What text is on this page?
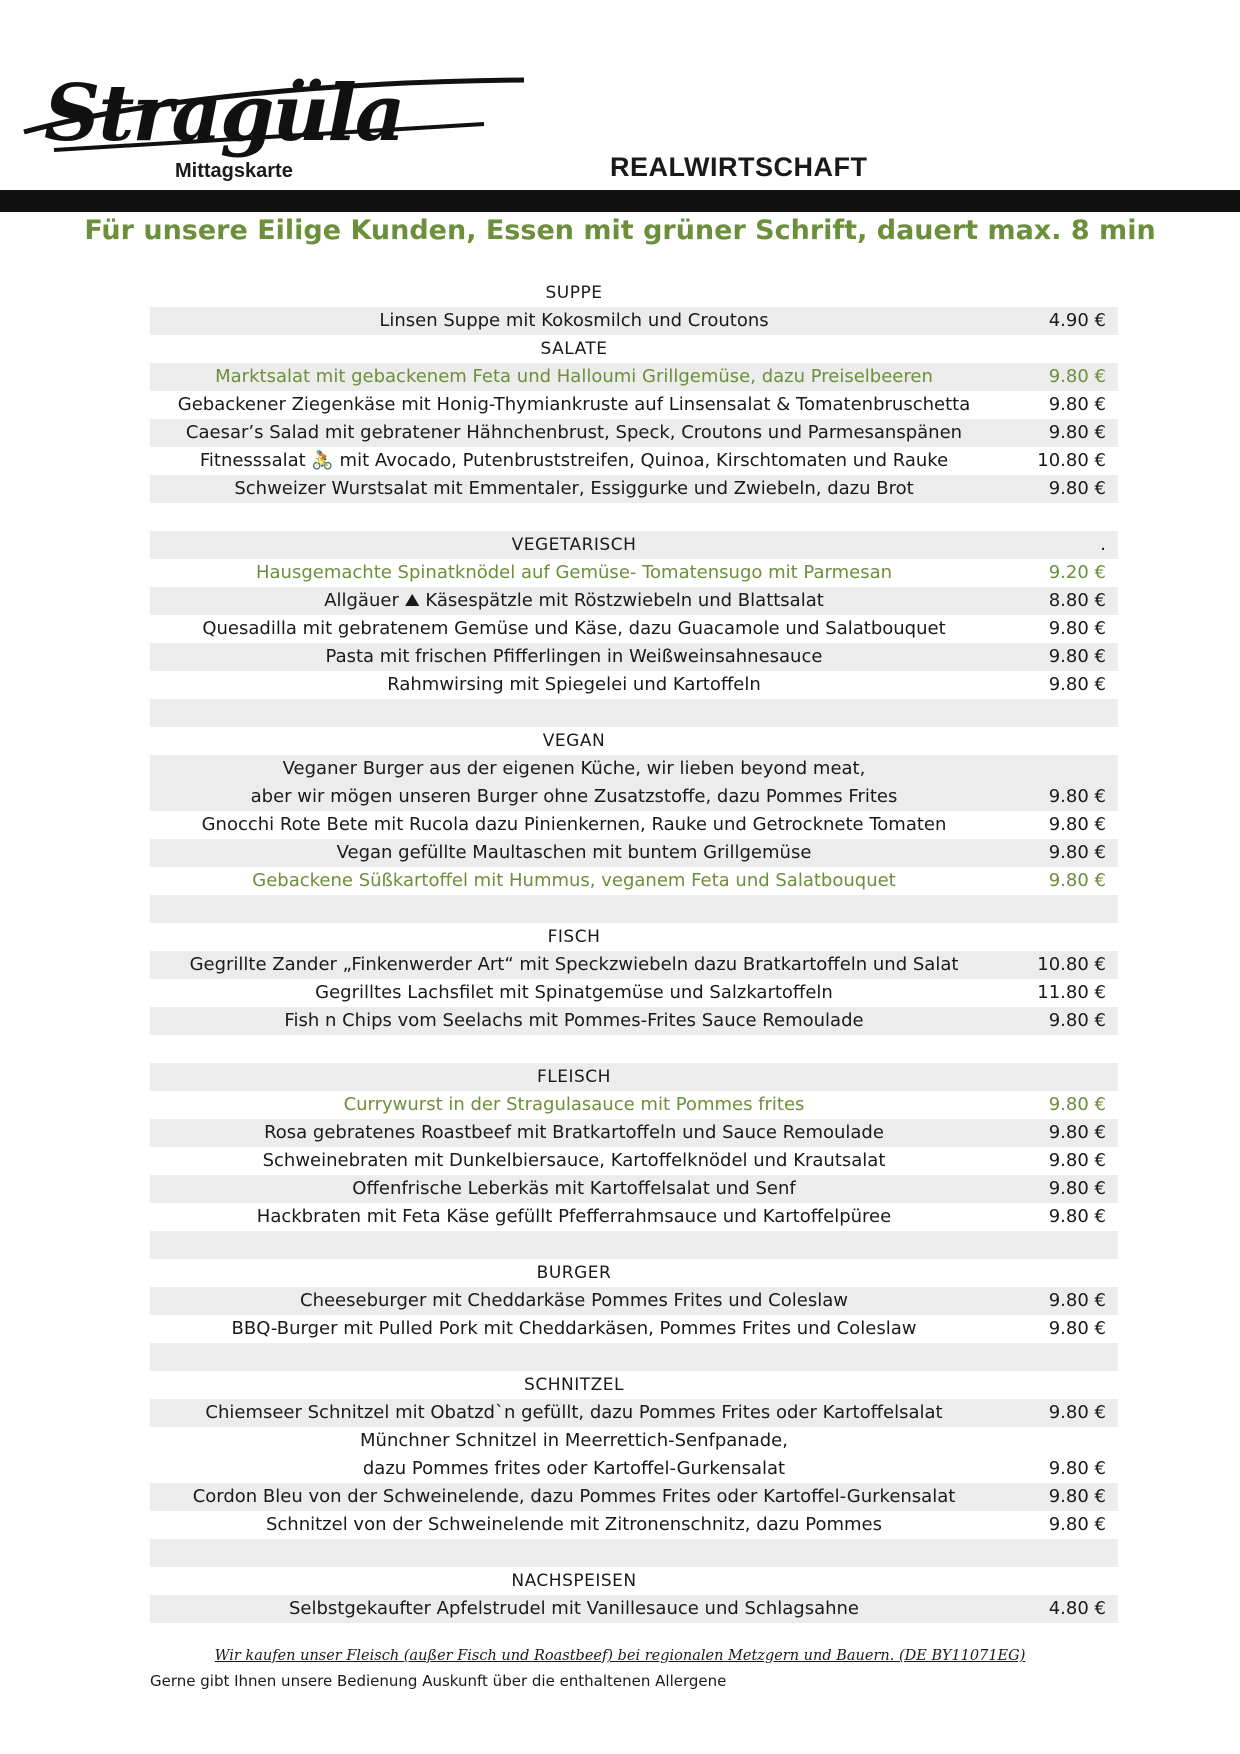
Stragüla
Mittagskarte	REALWIRTSCHAFT
Für unsere Eilige Kunden, Essen mit grüner Schrift, dauert max. 8 min
SUPPE
Linsen Suppe mit Kokosmilch und Croutons	4.90 €
SALATE
Marktsalat mit gebackenem Feta und Halloumi Grillgemüse, dazu Preiselbeeren	9.80 €
Gebackener Ziegenkäse mit Honig-Thymiankruste auf Linsensalat & Tomatenbruschetta	9.80 €
Caesar’s Salad mit gebratener Hähnchenbrust, Speck, Croutons und Parmesanspänen	9.80 €
Fitnesssalat 🚴 mit Avocado, Putenbruststreifen, Quinoa, Kirschtomaten und Rauke	10.80 €
Schweizer Wurstsalat mit Emmentaler, Essiggurke und Zwiebeln, dazu Brot	9.80 €
VEGETARISCH	.
Hausgemachte Spinatknödel auf Gemüse- Tomatensugo mit Parmesan	9.20 €
Allgäuer ⛰ Käsespätzle mit Röstzwiebeln und Blattsalat	8.80 €
Quesadilla mit gebratenem Gemüse und Käse, dazu Guacamole und Salatbouquet	9.80 €
Pasta mit frischen Pfifferlingen in Weißweinsahnesauce	9.80 €
Rahmwirsing mit Spiegelei und Kartoffeln	9.80 €
VEGAN
Veganer Burger aus der eigenen Küche, wir lieben beyond meat,
aber wir mögen unseren Burger ohne Zusatzstoffe, dazu Pommes Frites	9.80 €
Gnocchi Rote Bete mit Rucola dazu Pinienkernen, Rauke und Getrocknete Tomaten	9.80 €
Vegan gefüllte Maultaschen mit buntem Grillgemüse	9.80 €
Gebackene Süßkartoffel mit Hummus, veganem Feta und Salatbouquet	9.80 €
FISCH
Gegrillte Zander „Finkenwerder Art“ mit Speckzwiebeln dazu Bratkartoffeln und Salat	10.80 €
Gegrilltes Lachsfilet mit Spinatgemüse und Salzkartoffeln	11.80 €
Fish n Chips vom Seelachs mit Pommes-Frites Sauce Remoulade	9.80 €
FLEISCH
Currywurst in der Stragulasauce mit Pommes frites	9.80 €
Rosa gebratenes Roastbeef mit Bratkartoffeln und Sauce Remoulade	9.80 €
Schweinebraten mit Dunkelbiersauce, Kartoffelknödel und Krautsalat	9.80 €
Offenfrische Leberkäs mit Kartoffelsalat und Senf	9.80 €
Hackbraten mit Feta Käse gefüllt Pfefferrahmsauce und Kartoffelpüree	9.80 €
BURGER
Cheeseburger mit Cheddarkäse Pommes Frites und Coleslaw	9.80 €
BBQ-Burger mit Pulled Pork mit Cheddarkäsen, Pommes Frites und Coleslaw	9.80 €
SCHNITZEL
Chiemseer Schnitzel mit Obatzd`n gefüllt, dazu Pommes Frites oder Kartoffelsalat	9.80 €
Münchner Schnitzel in Meerrettich-Senfpanade,
dazu Pommes frites oder Kartoffel-Gurkensalat	9.80 €
Cordon Bleu von der Schweinelende, dazu Pommes Frites oder Kartoffel-Gurkensalat	9.80 €
Schnitzel von der Schweinelende mit Zitronenschnitz, dazu Pommes	9.80 €
NACHSPEISEN
Selbstgekaufter Apfelstrudel mit Vanillesauce und Schlagsahne	4.80 €
Wir kaufen unser Fleisch (außer Fisch und Roastbeef) bei regionalen Metzgern und Bauern. (DE BY11071EG)
Gerne gibt Ihnen unsere Bedienung Auskunft über die enthaltenen Allergene
